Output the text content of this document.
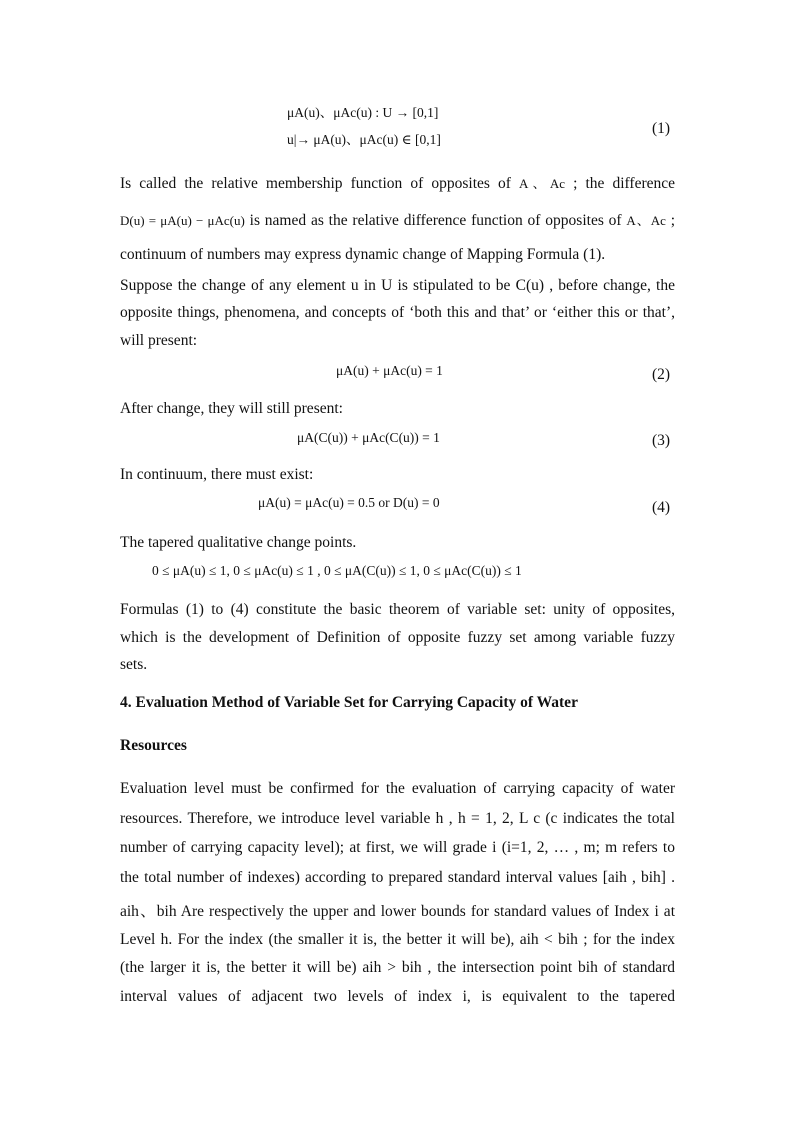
μA(u)、μAc(u) : U → [0,1]
u|→ μA(u)、μAc(u) ∈ [0,1]
(1)
Is called the relative membership function of opposites of A、Ac ; the difference
D(u) = μA(u) − μAc(u) is named as the relative difference function of opposites of A、Ac ;
continuum of numbers may express dynamic change of Mapping Formula (1).
Suppose the change of any element u in U is stipulated to be C(u) , before change, the
opposite things, phenomena, and concepts of ‘both this and that’ or ‘either this or that’,
will present:
μA(u) + μAc(u) = 1	(2)
After change, they will still present:
μA(C(u)) + μAc(C(u)) = 1	(3)
In continuum, there must exist:
μA(u) = μAc(u) = 0.5 or D(u) = 0	(4)
The tapered qualitative change points.
0 ≤ μA(u) ≤ 1, 0 ≤ μAc(u) ≤ 1 , 0 ≤ μA(C(u)) ≤ 1, 0 ≤ μAc(C(u)) ≤ 1
Formulas (1) to (4) constitute the basic theorem of variable set: unity of opposites,
which is the development of Definition of opposite fuzzy set among variable fuzzy
sets.
4. Evaluation Method of Variable Set for Carrying Capacity of Water
Resources
Evaluation level must be confirmed for the evaluation of carrying capacity of water
resources. Therefore, we introduce level variable h , h = 1, 2, L c (c indicates the total
number of carrying capacity level); at first, we will grade i (i=1, 2, … , m; m refers to
the total number of indexes) according to prepared standard interval values [aih , bih] .
aih、bih Are respectively the upper and lower bounds for standard values of Index i at
Level h. For the index (the smaller it is, the better it will be), aih < bih ; for the index
(the larger it is, the better it will be) aih > bih , the intersection point bih of standard
interval values of adjacent two levels of index i, is equivalent to the tapered
